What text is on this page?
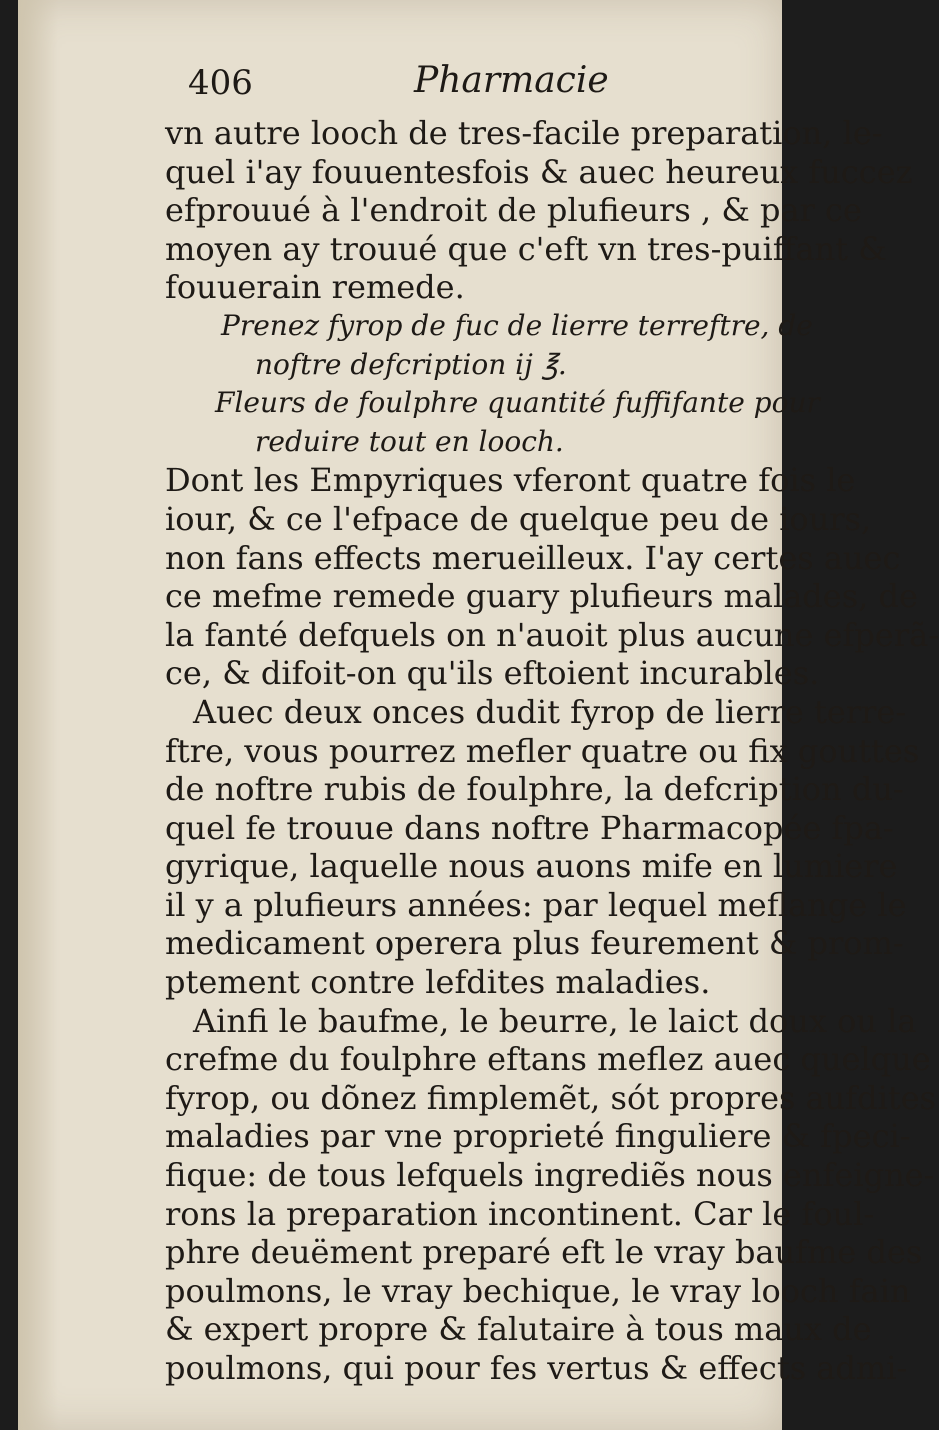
406	Pharmacie
vn autre looch de tres-facile preparation, le-
quel i'ay fouuentesfois & auec heureux fuccez
efprouué à l'endroit de plufieurs , & par ce
moyen ay trouué que c'eft vn tres-puiffant &
fouuerain remede.
Prenez fyrop de fuc de lierre terreftre, de
noftre defcription ij ℥.
Fleurs de foulphre quantité fuffifante pour
reduire tout en looch.
Dont les Empyriques vferont quatre fois le
iour, & ce l'efpace de quelque peu de iours,
non fans effects merueilleux. I'ay certes auec
ce mefme remede guary plufieurs malades, de
la fanté defquels on n'auoit plus aucune efperã-
ce, & difoit-on qu'ils eftoient incurables.
Auec deux onces dudit fyrop de lierre terre-
ftre, vous pourrez mefler quatre ou fix gouttes
de noftre rubis de foulphre, la defcription du-
quel fe trouue dans noftre Pharmacopée fpa-
gyrique, laquelle nous auons mife en lumiere
il y a plufieurs années: par lequel meflange le
medicament operera plus feurement & prom-
ptement contre lefdites maladies.
Ainfi le baufme, le beurre, le laict doux ou la
crefme du foulphre eftans meflez auec quelque
fyrop, ou dõnez fimplemẽt, sót propres aufdites
maladies par vne proprieté finguliere & fpeci-
fique: de tous lefquels ingrediẽs nous enfeigne-
rons la preparation incontinent. Car le foul-
phre deuëment preparé eft le vray baufme des
poulmons, le vray bechique, le vray looch fain
& expert propre & falutaire à tous maux de
poulmons, qui pour fes vertus & effects admi-
